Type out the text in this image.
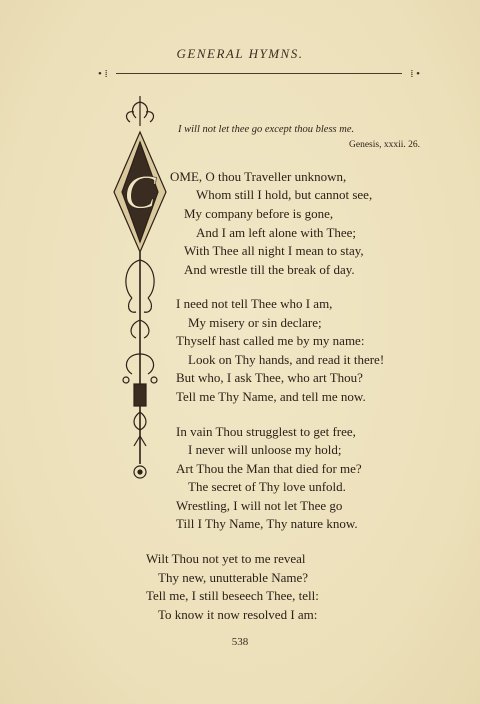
GENERAL HYMNS.
• ⁞	⁞ •
I will not let thee go except thou bless me.
Genesis, xxxii. 26.
C OME, O thou Traveller unknown,
Whom still I hold, but cannot see,
My company before is gone,
And I am left alone with Thee;
With Thee all night I mean to stay,
And wrestle till the break of day.
I need not tell Thee who I am,
My misery or sin declare;
Thyself hast called me by my name:
Look on Thy hands, and read it there!
But who, I ask Thee, who art Thou?
Tell me Thy Name, and tell me now.
In vain Thou strugglest to get free,
I never will unloose my hold;
Art Thou the Man that died for me?
The secret of Thy love unfold.
Wrestling, I will not let Thee go
Till I Thy Name, Thy nature know.
Wilt Thou not yet to me reveal
Thy new, unutterable Name?
Tell me, I still beseech Thee, tell:
To know it now resolved I am:
538
